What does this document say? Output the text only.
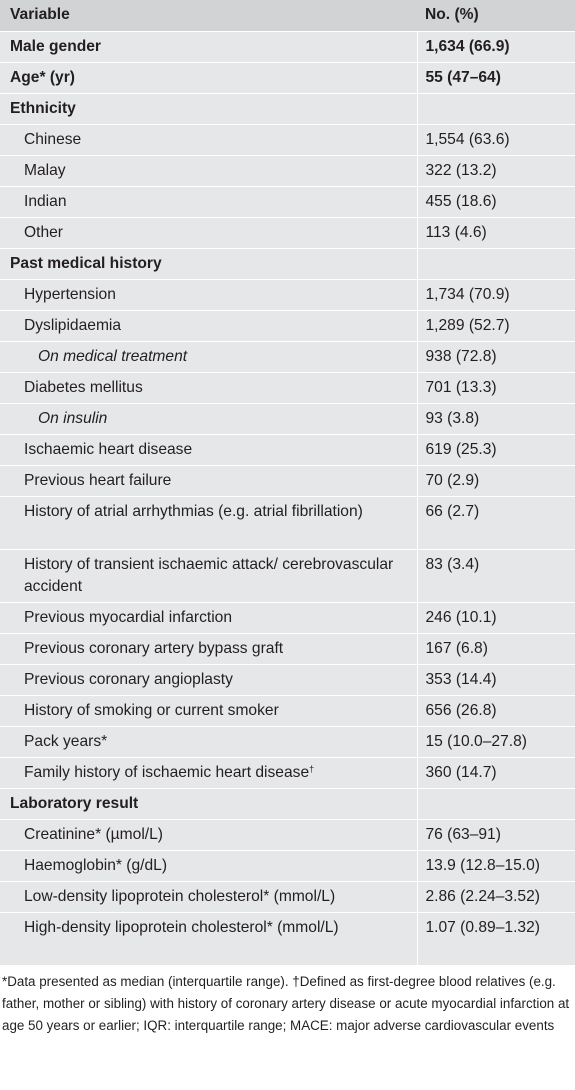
Variable	No. (%)
Male gender	1,634 (66.9)
Age* (yr)	55 (47–64)
Ethnicity	
Chinese	1,554 (63.6)
Malay	322 (13.2)
Indian	455 (18.6)
Other	113 (4.6)
Past medical history	
Hypertension	1,734 (70.9)
Dyslipidaemia	1,289 (52.7)
On medical treatment	938 (72.8)
Diabetes mellitus	701 (13.3)
On insulin	93 (3.8)
Ischaemic heart disease	619 (25.3)
Previous heart failure	70 (2.9)
History of atrial arrhythmias (e.g. atrial fibrillation)	66 (2.7)
History of transient ischaemic attack/ cerebrovascular accident	83 (3.4)
Previous myocardial infarction	246 (10.1)
Previous coronary artery bypass graft	167 (6.8)
Previous coronary angioplasty	353 (14.4)
History of smoking or current smoker	656 (26.8)
Pack years*	15 (10.0–27.8)
Family history of ischaemic heart disease†	360 (14.7)
Laboratory result	
Creatinine* (µmol/L)	76 (63–91)
Haemoglobin* (g/dL)	13.9 (12.8–15.0)
Low-density lipoprotein cholesterol* (mmol/L)	2.86 (2.24–3.52)
High-density lipoprotein cholesterol* (mmol/L)	1.07 (0.89–1.32)
*Data presented as median (interquartile range). †Defined as first-degree blood relatives (e.g. father, mother or sibling) with history of coronary artery disease or acute myocardial infarction at age 50 years or earlier; IQR: interquartile range; MACE: major adverse cardiovascular events
